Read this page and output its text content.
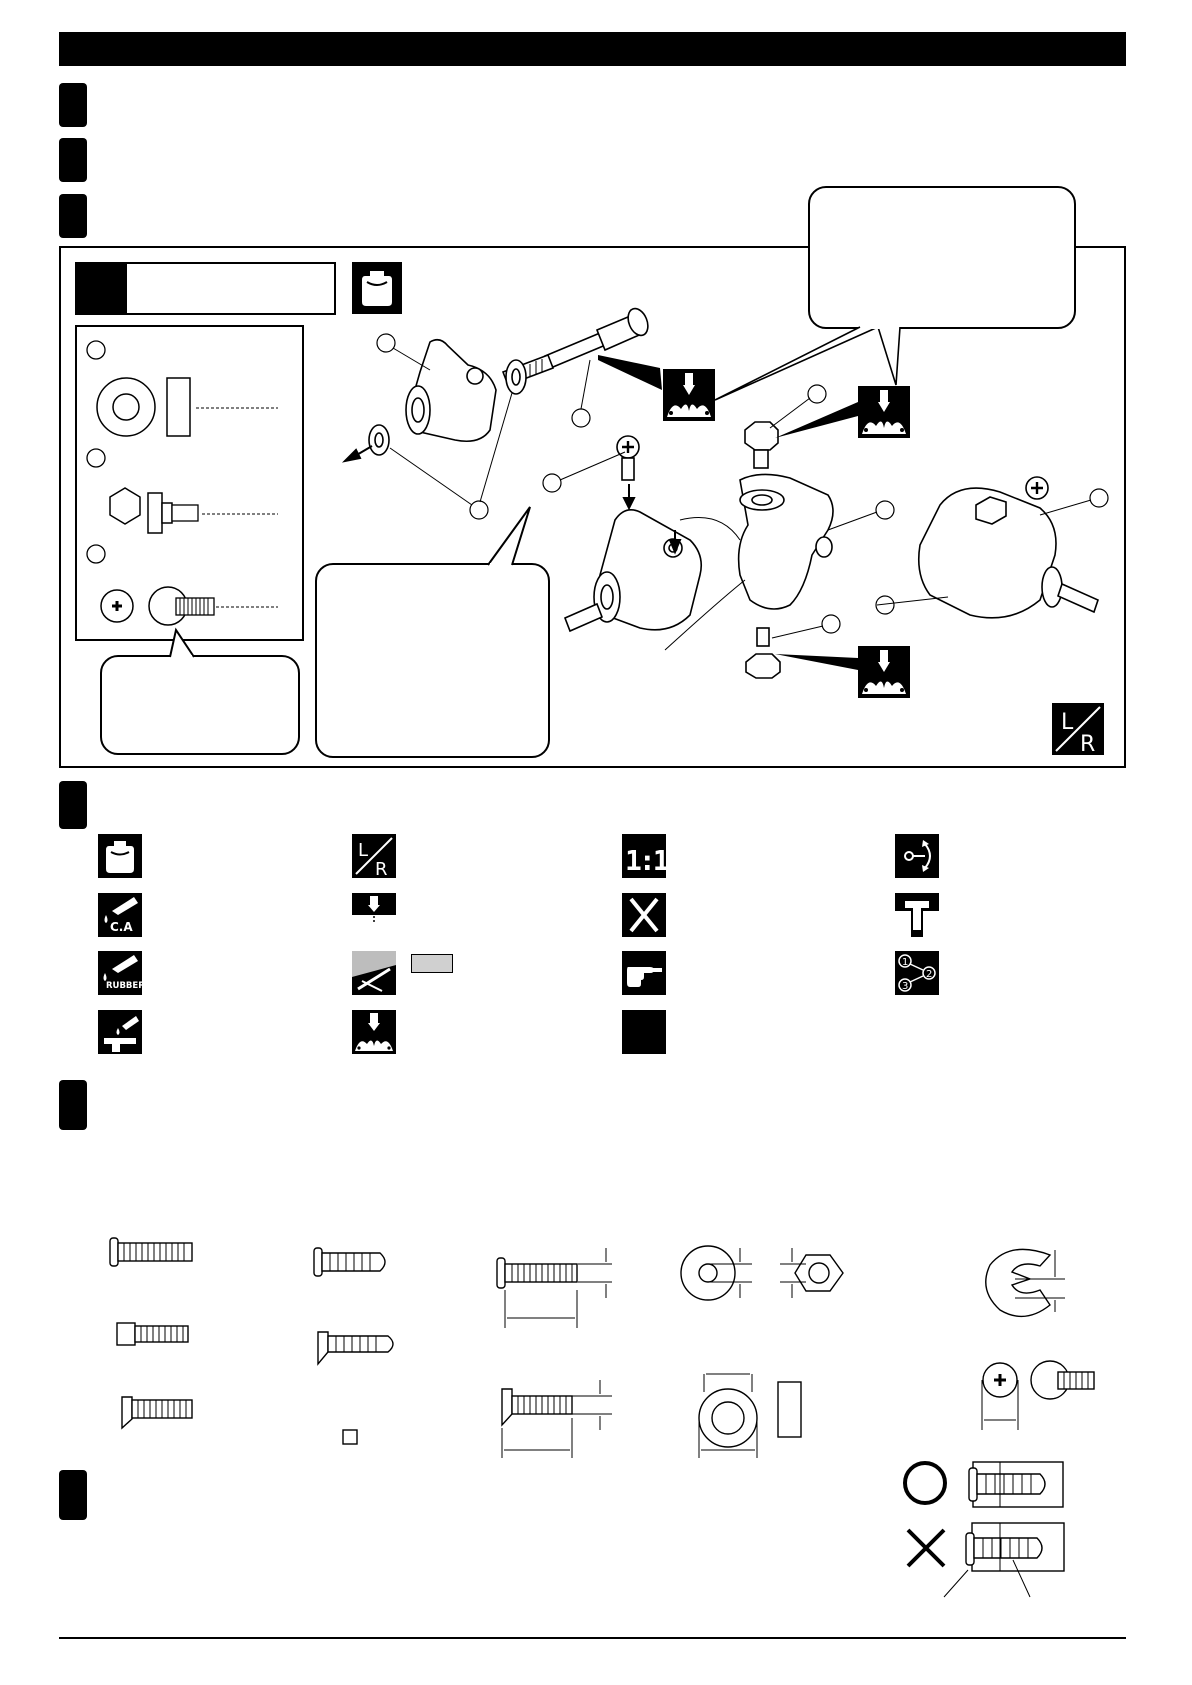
L
R
C.A
RUBBER
L
R	1:1
1
2
3
